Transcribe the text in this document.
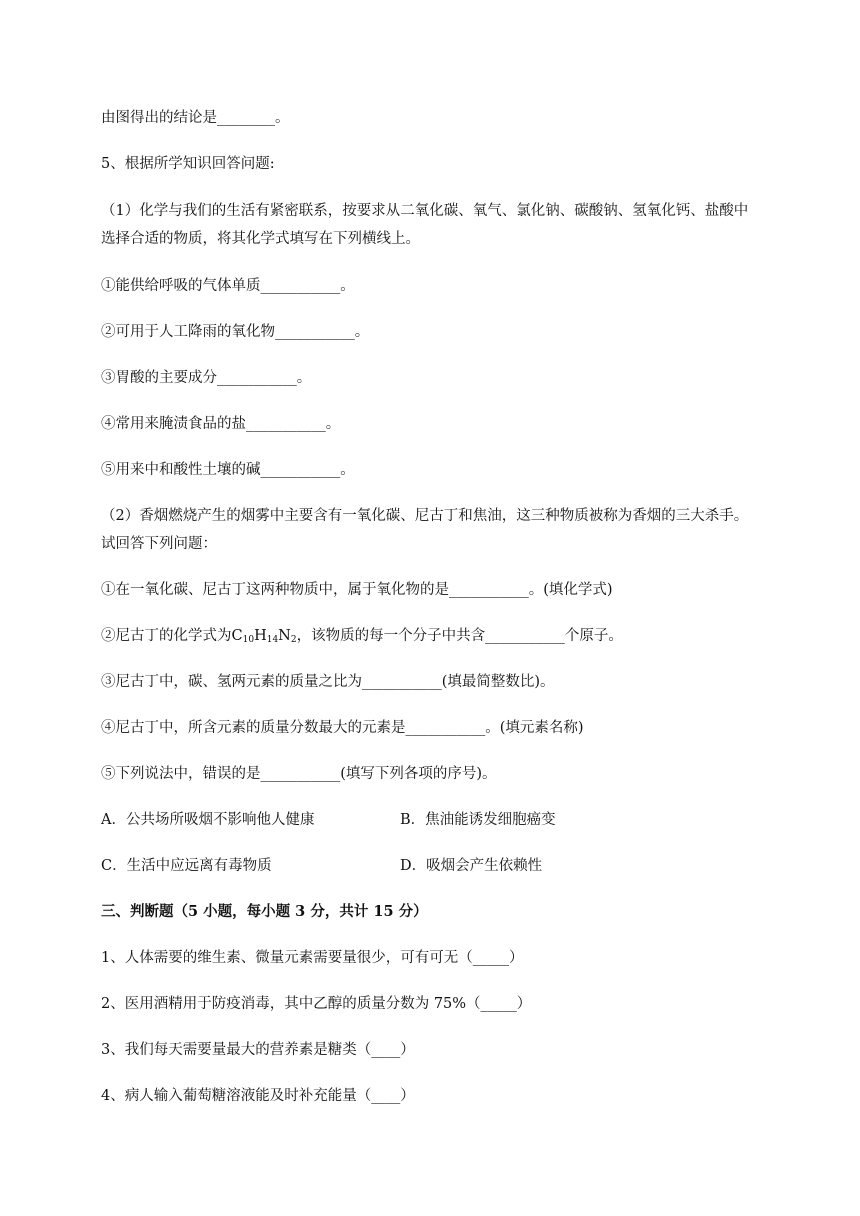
由图得出的结论是________。
5、根据所学知识回答问题:
（1）化学与我们的生活有紧密联系，按要求从二氧化碳、氧气、氯化钠、碳酸钠、氢氧化钙、盐酸中
选择合适的物质，将其化学式填写在下列横线上。
①能供给呼吸的气体单质___________。
②可用于人工降雨的氧化物___________。
③胃酸的主要成分___________。
④常用来腌渍食品的盐___________。
⑤用来中和酸性土壤的碱___________。
（2）香烟燃烧产生的烟雾中主要含有一氧化碳、尼古丁和焦油，这三种物质被称为香烟的三大杀手。
试回答下列问题：
①在一氧化碳、尼古丁这两种物质中，属于氧化物的是___________。(填化学式)
②尼古丁的化学式为$C_{10}H_{14}N_2$，该物质的每一个分子中共含___________个原子。
③尼古丁中，碳、氢两元素的质量之比为___________(填最简整数比)。
④尼古丁中，所含元素的质量分数最大的元素是___________。(填元素名称)
⑤下列说法中，错误的是___________(填写下列各项的序号)。
A．公共场所吸烟不影响他人健康	B．焦油能诱发细胞癌变
C．生活中应远离有毒物质	D．吸烟会产生依赖性
三、判断题（5 小题，每小题 3 分，共计 15 分）
1、人体需要的维生素、微量元素需要量很少，可有可无（_____）
2、医用酒精用于防疫消毒，其中乙醇的质量分数为 75%（_____）
3、我们每天需要量最大的营养素是糖类（____）
4、病人输入葡萄糖溶液能及时补充能量（____）
